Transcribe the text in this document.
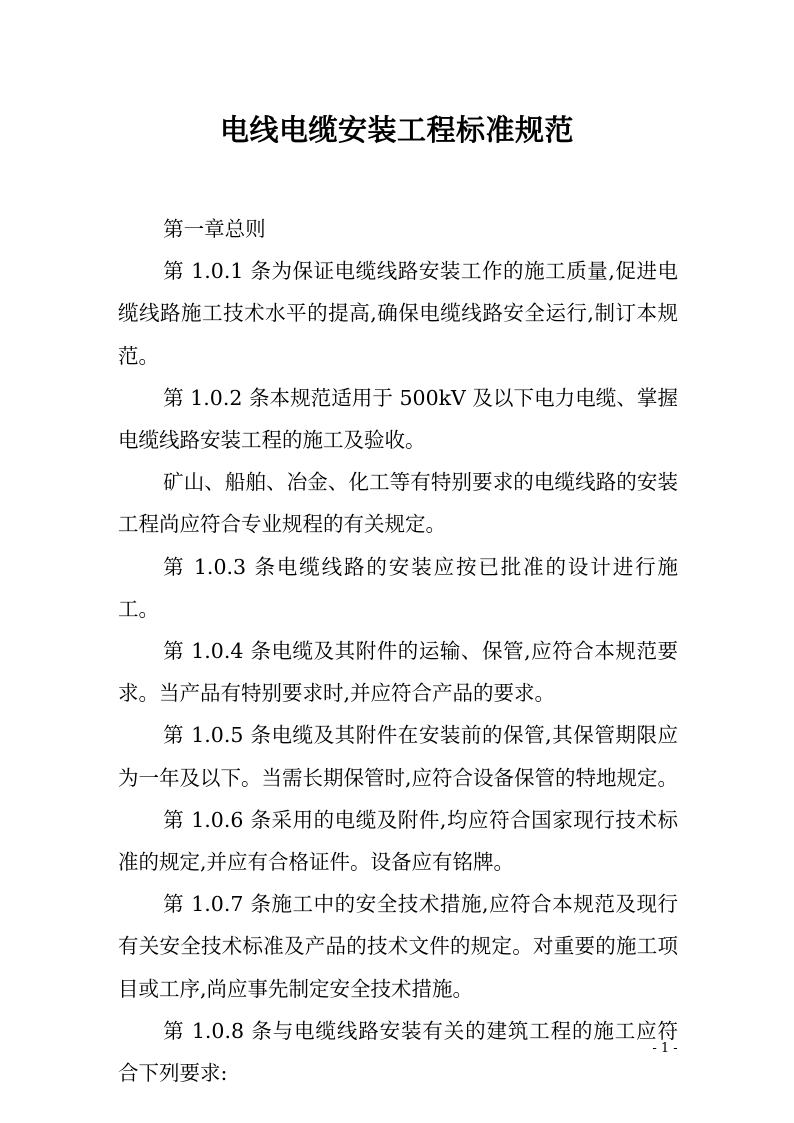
电线电缆安装工程标准规范

第一章总则

第 1.0.1 条为保证电缆线路安装工作的施工质量,促进电缆线路施工技术水平的提高,确保电缆线路安全运行,制订本规范。

第 1.0.2 条本规范适用于 500kV 及以下电力电缆、掌握电缆线路安装工程的施工及验收。

矿山、船舶、冶金、化工等有特别要求的电缆线路的安装工程尚应符合专业规程的有关规定。

第 1.0.3 条电缆线路的安装应按已批准的设计进行施工。

第 1.0.4 条电缆及其附件的运输、保管,应符合本规范要求。当产品有特别要求时,并应符合产品的要求。

第 1.0.5 条电缆及其附件在安装前的保管,其保管期限应为一年及以下。当需长期保管时,应符合设备保管的特地规定。

第 1.0.6 条采用的电缆及附件,均应符合国家现行技术标准的规定,并应有合格证件。设备应有铭牌。

第 1.0.7 条施工中的安全技术措施,应符合本规范及现行有关安全技术标准及产品的技术文件的规定。对重要的施工项目或工序,尚应事先制定安全技术措施。

第 1.0.8 条与电缆线路安装有关的建筑工程的施工应符合下列要求:

- 1 -
